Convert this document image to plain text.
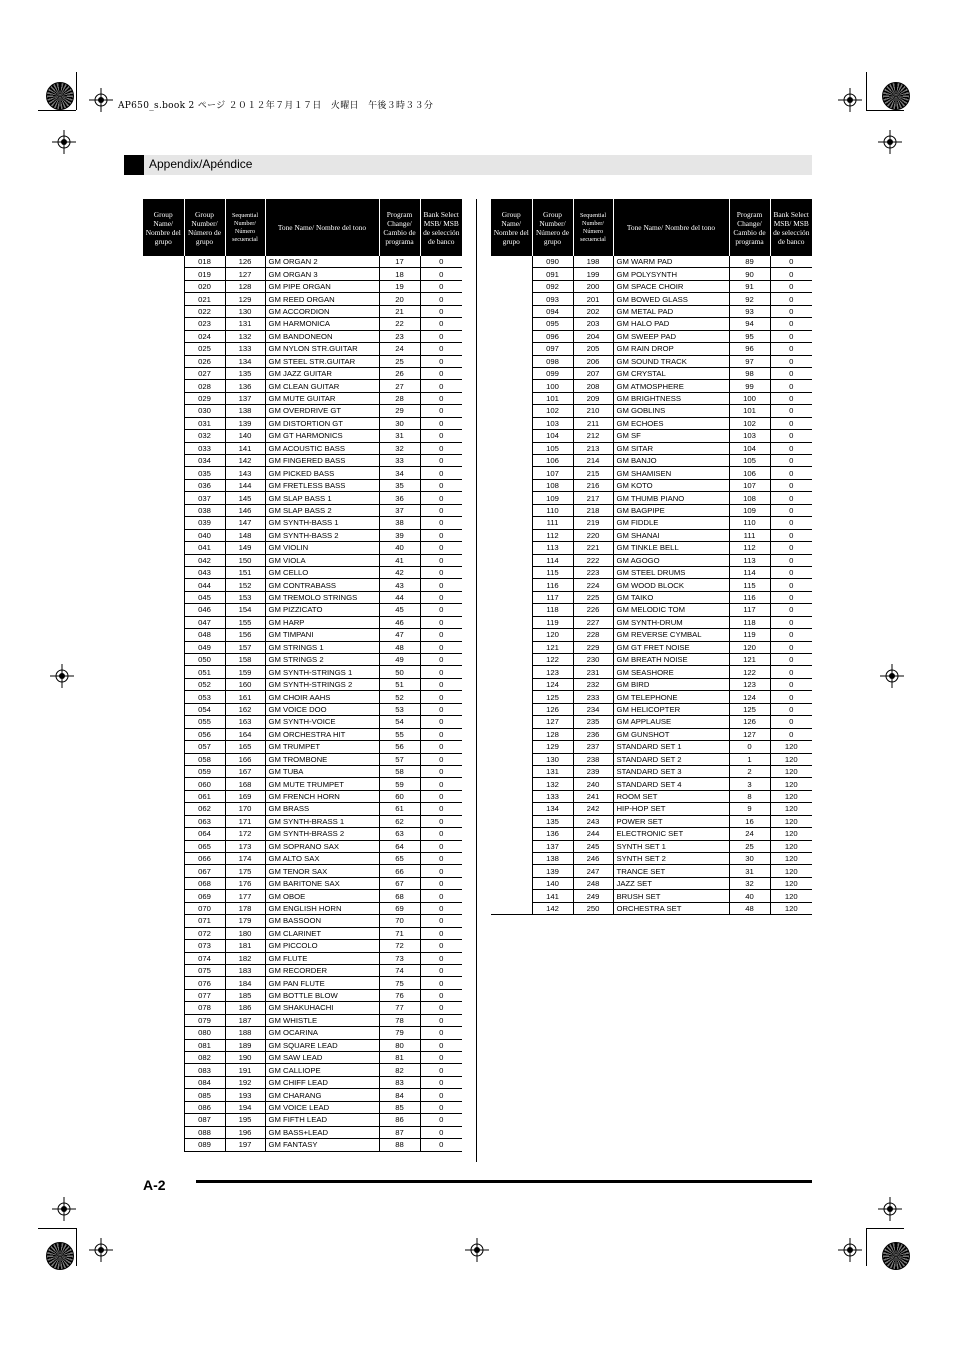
AP650_s.book 2 ページ ２０１２年７月１７日　火曜日　午後３時３３分
Appendix/Apéndice
Group Name/ Nombre del grupo	Group Number/ Número de grupo	Sequential Number/ Número secuencial	Tone Name/ Nombre del tono	Program Change/ Cambio de programa	Bank Select MSB/ MSB de selección de banco
	018	126	GM ORGAN 2	17	0
	019	127	GM ORGAN 3	18	0
	020	128	GM PIPE ORGAN	19	0
	021	129	GM REED ORGAN	20	0
	022	130	GM ACCORDION	21	0
	023	131	GM HARMONICA	22	0
	024	132	GM BANDONEON	23	0
	025	133	GM NYLON STR.GUITAR	24	0
	026	134	GM STEEL STR.GUITAR	25	0
	027	135	GM JAZZ GUITAR	26	0
	028	136	GM CLEAN GUITAR	27	0
	029	137	GM MUTE GUITAR	28	0
	030	138	GM OVERDRIVE GT	29	0
	031	139	GM DISTORTION GT	30	0
	032	140	GM GT HARMONICS	31	0
	033	141	GM ACOUSTIC BASS	32	0
	034	142	GM FINGERED BASS	33	0
	035	143	GM PICKED BASS	34	0
	036	144	GM FRETLESS BASS	35	0
	037	145	GM SLAP BASS 1	36	0
	038	146	GM SLAP BASS 2	37	0
	039	147	GM SYNTH-BASS 1	38	0
	040	148	GM SYNTH-BASS 2	39	0
	041	149	GM VIOLIN	40	0
	042	150	GM VIOLA	41	0
	043	151	GM CELLO	42	0
	044	152	GM CONTRABASS	43	0
	045	153	GM TREMOLO STRINGS	44	0
	046	154	GM PIZZICATO	45	0
	047	155	GM HARP	46	0
	048	156	GM TIMPANI	47	0
	049	157	GM STRINGS 1	48	0
	050	158	GM STRINGS 2	49	0
	051	159	GM SYNTH-STRINGS 1	50	0
	052	160	GM SYNTH-STRINGS 2	51	0
	053	161	GM CHOIR AAHS	52	0
	054	162	GM VOICE DOO	53	0
	055	163	GM SYNTH-VOICE	54	0
	056	164	GM ORCHESTRA HIT	55	0
	057	165	GM TRUMPET	56	0
	058	166	GM TROMBONE	57	0
	059	167	GM TUBA	58	0
	060	168	GM MUTE TRUMPET	59	0
	061	169	GM FRENCH HORN	60	0
	062	170	GM BRASS	61	0
	063	171	GM SYNTH-BRASS 1	62	0
	064	172	GM SYNTH-BRASS 2	63	0
	065	173	GM SOPRANO SAX	64	0
	066	174	GM ALTO SAX	65	0
	067	175	GM TENOR SAX	66	0
	068	176	GM BARITONE SAX	67	0
	069	177	GM OBOE	68	0
	070	178	GM ENGLISH HORN	69	0
	071	179	GM BASSOON	70	0
	072	180	GM CLARINET	71	0
	073	181	GM PICCOLO	72	0
	074	182	GM FLUTE	73	0
	075	183	GM RECORDER	74	0
	076	184	GM PAN FLUTE	75	0
	077	185	GM BOTTLE BLOW	76	0
	078	186	GM SHAKUHACHI	77	0
	079	187	GM WHISTLE	78	0
	080	188	GM OCARINA	79	0
	081	189	GM SQUARE LEAD	80	0
	082	190	GM SAW LEAD	81	0
	083	191	GM CALLIOPE	82	0
	084	192	GM CHIFF LEAD	83	0
	085	193	GM CHARANG	84	0
	086	194	GM VOICE LEAD	85	0
	087	195	GM FIFTH LEAD	86	0
	088	196	GM BASS+LEAD	87	0
	089	197	GM FANTASY	88	0
Group Name/ Nombre del grupo	Group Number/ Número de grupo	Sequential Number/ Número secuencial	Tone Name/ Nombre del tono	Program Change/ Cambio de programa	Bank Select MSB/ MSB de selección de banco
	090	198	GM WARM PAD	89	0
	091	199	GM POLYSYNTH	90	0
	092	200	GM SPACE CHOIR	91	0
	093	201	GM BOWED GLASS	92	0
	094	202	GM METAL PAD	93	0
	095	203	GM HALO PAD	94	0
	096	204	GM SWEEP PAD	95	0
	097	205	GM RAIN DROP	96	0
	098	206	GM SOUND TRACK	97	0
	099	207	GM CRYSTAL	98	0
	100	208	GM ATMOSPHERE	99	0
	101	209	GM BRIGHTNESS	100	0
	102	210	GM GOBLINS	101	0
	103	211	GM ECHOES	102	0
	104	212	GM SF	103	0
	105	213	GM SITAR	104	0
	106	214	GM BANJO	105	0
	107	215	GM SHAMISEN	106	0
	108	216	GM KOTO	107	0
	109	217	GM THUMB PIANO	108	0
	110	218	GM BAGPIPE	109	0
	111	219	GM FIDDLE	110	0
	112	220	GM SHANAI	111	0
	113	221	GM TINKLE BELL	112	0
	114	222	GM AGOGO	113	0
	115	223	GM STEEL DRUMS	114	0
	116	224	GM WOOD BLOCK	115	0
	117	225	GM TAIKO	116	0
	118	226	GM MELODIC TOM	117	0
	119	227	GM SYNTH-DRUM	118	0
	120	228	GM REVERSE CYMBAL	119	0
	121	229	GM GT FRET NOISE	120	0
	122	230	GM BREATH NOISE	121	0
	123	231	GM SEASHORE	122	0
	124	232	GM BIRD	123	0
	125	233	GM TELEPHONE	124	0
	126	234	GM HELICOPTER	125	0
	127	235	GM APPLAUSE	126	0
	128	236	GM GUNSHOT	127	0
	129	237	STANDARD SET 1	0	120
	130	238	STANDARD SET 2	1	120
	131	239	STANDARD SET 3	2	120
	132	240	STANDARD SET 4	3	120
	133	241	ROOM SET	8	120
	134	242	HIP-HOP SET	9	120
	135	243	POWER SET	16	120
	136	244	ELECTRONIC SET	24	120
	137	245	SYNTH SET 1	25	120
	138	246	SYNTH SET 2	30	120
	139	247	TRANCE SET	31	120
	140	248	JAZZ SET	32	120
	141	249	BRUSH SET	40	120
	142	250	ORCHESTRA SET	48	120
A-2
